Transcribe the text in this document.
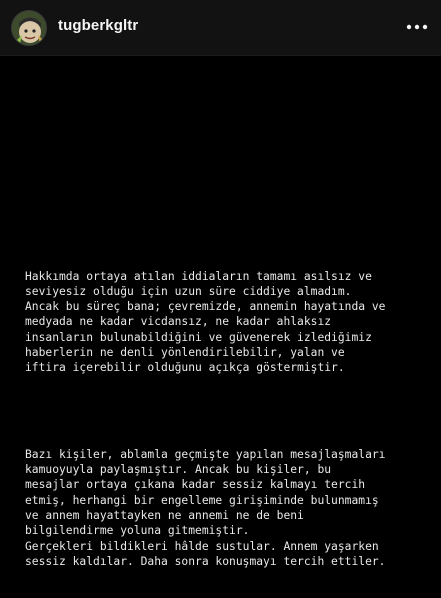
tugberkgltr

Hakkımda ortaya atılan iddiaların tamamı asılsız ve
seviyesiz olduğu için uzun süre ciddiye almadım.
Ancak bu süreç bana; çevremizde, annemin hayatında ve
medyada ne kadar vicdansız, ne kadar ahlaksız
insanların bulunabildiğini ve güvenerek izlediğimiz
haberlerin ne denli yönlendirilebilir, yalan ve
iftira içerebilir olduğunu açıkça göstermiştir.

Bazı kişiler, ablamla geçmişte yapılan mesajlaşmaları
kamuoyuyla paylaşmıştır. Ancak bu kişiler, bu
mesajlar ortaya çıkana kadar sessiz kalmayı tercih
etmiş, herhangi bir engelleme girişiminde bulunmamış
ve annem hayattayken ne annemi ne de beni
bilgilendirme yoluna gitmemiştir.
Gerçekleri bildikleri hâlde sustular. Annem yaşarken
sessiz kaldılar. Daha sonra konuşmayı tercih ettiler.
